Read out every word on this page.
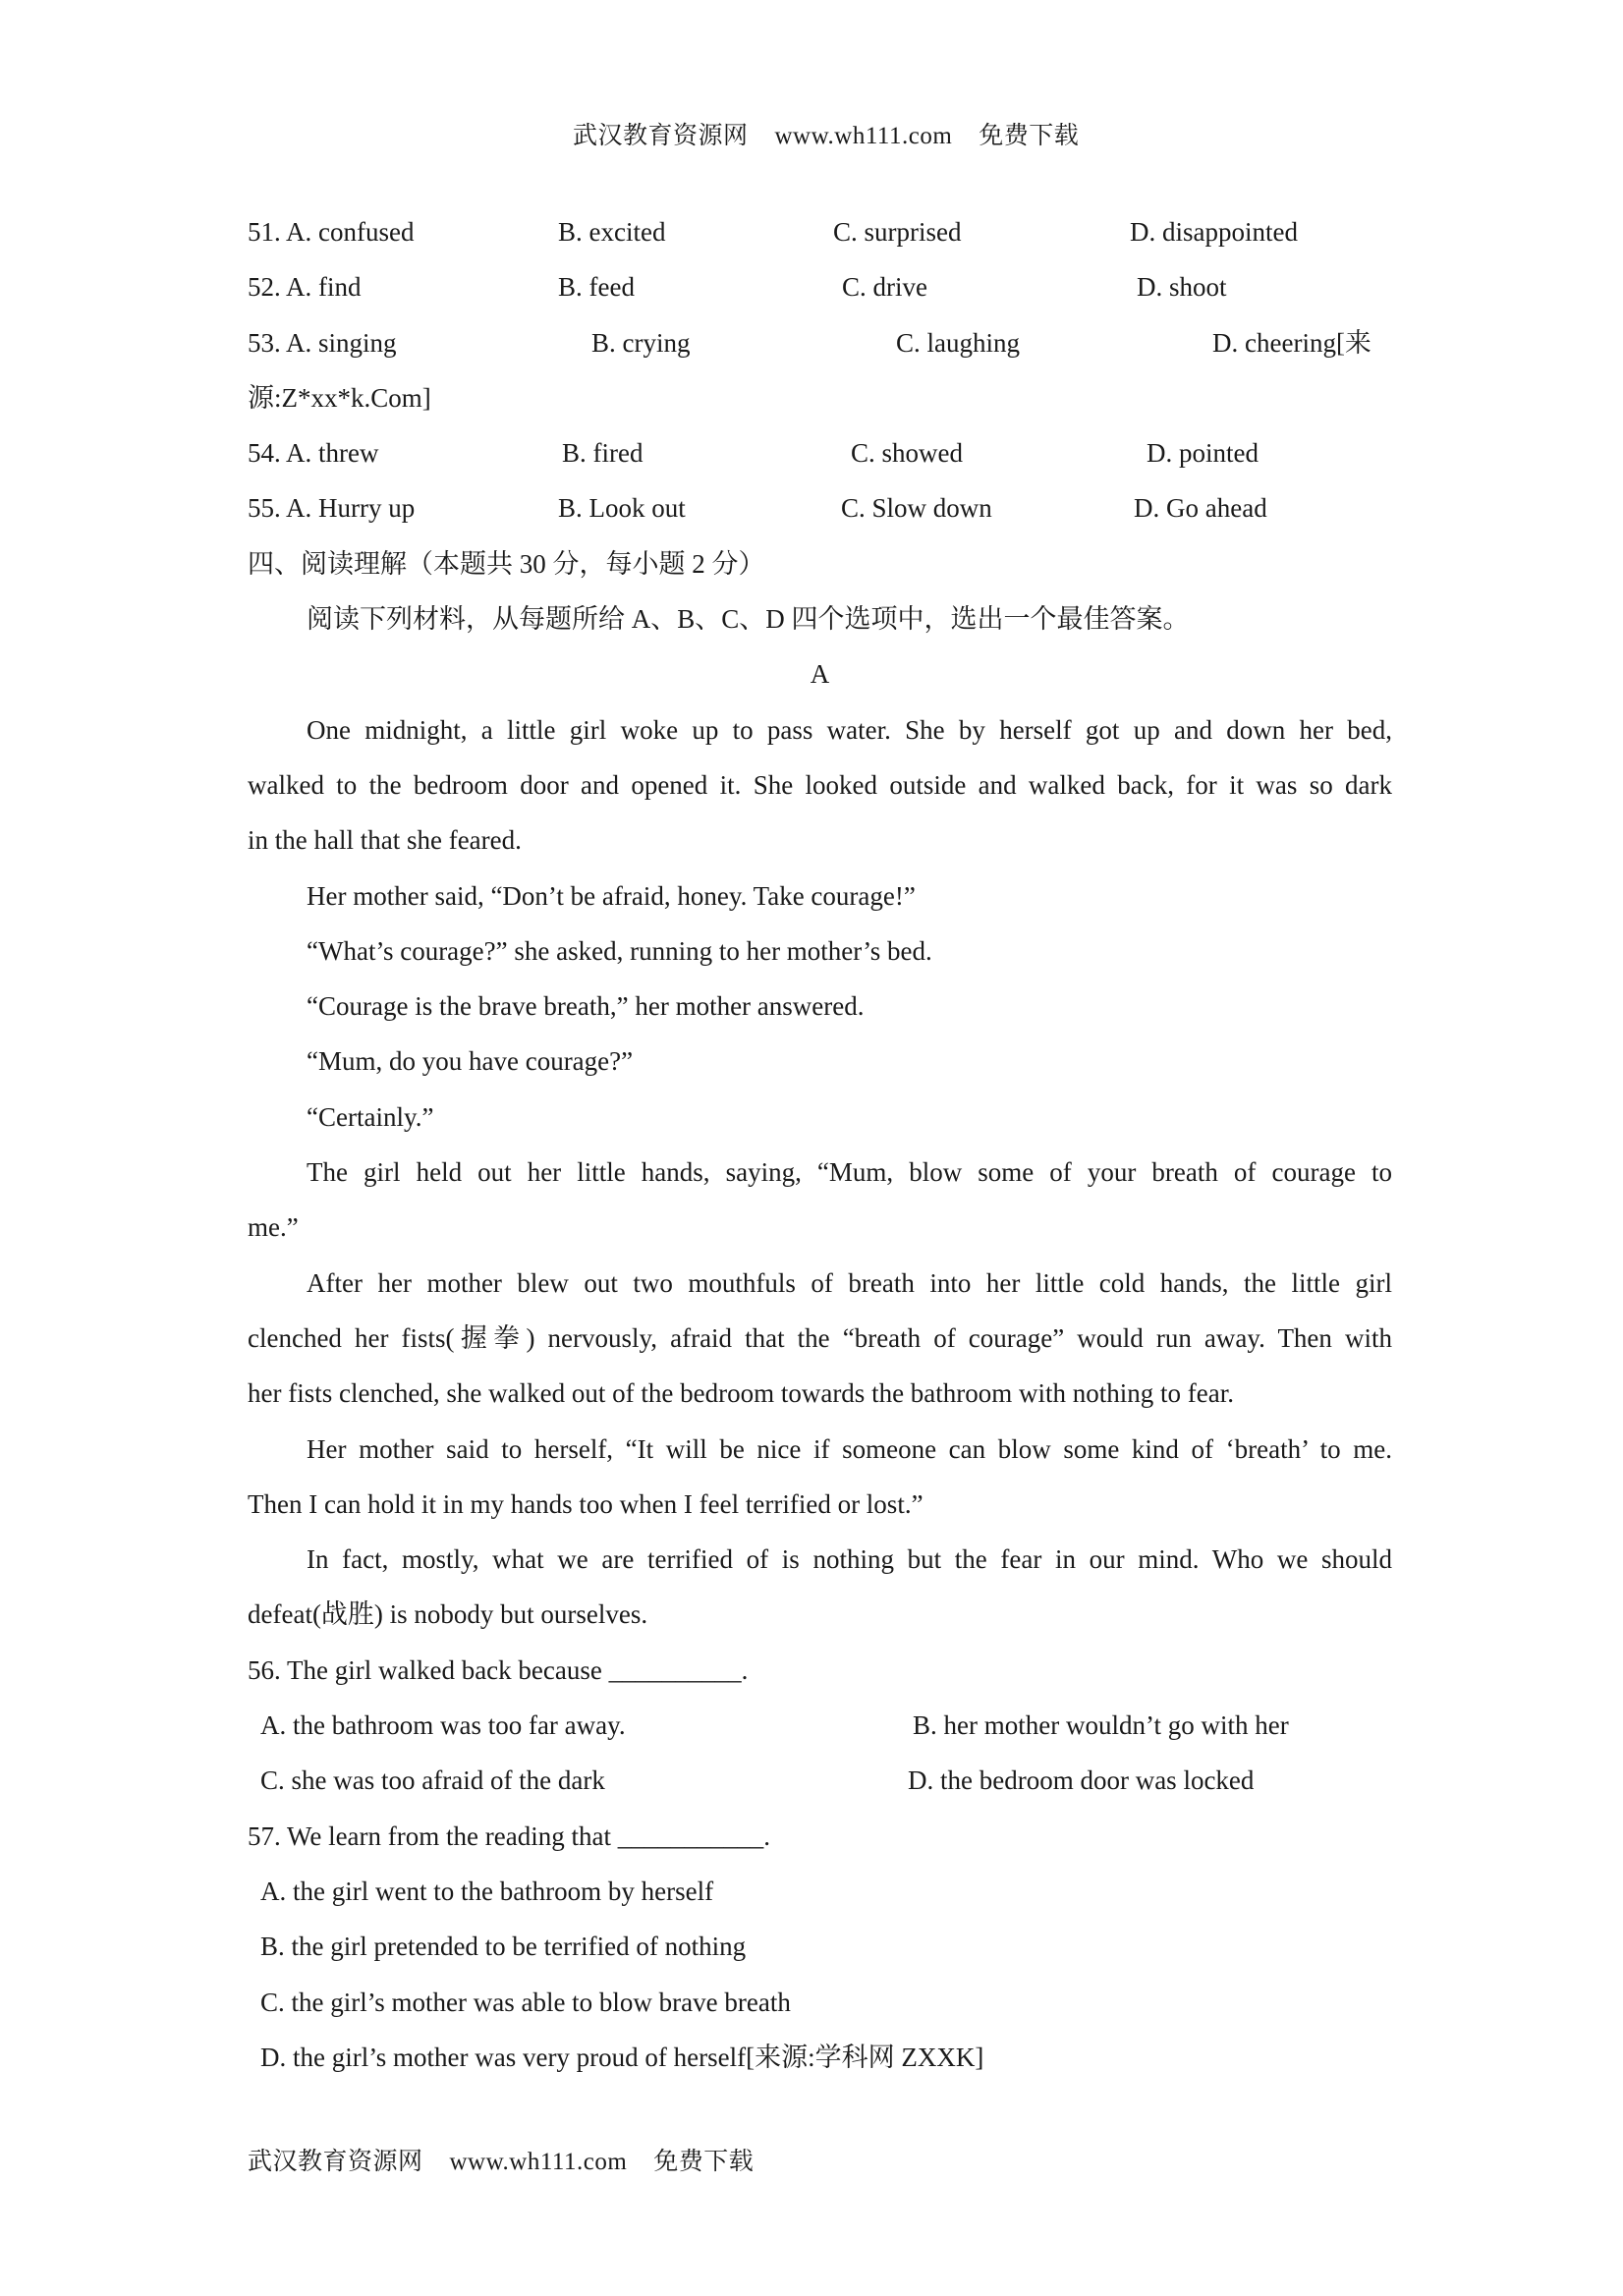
武汉教育资源网    www.wh111.com    免费下载
51. A. confused	B. excited	C. surprised	D. disappointed
52. A. find	B. feed	C. drive	D. shoot
53. A. singing	B. crying	C. laughing	D. cheering[来
源:Z*xx*k.Com]
54. A. threw	B. fired	C. showed	D. pointed
55. A. Hurry up	B. Look out	C. Slow down	D. Go ahead
四、阅读理解（本题共 30 分，每小题 2 分）
阅读下列材料，从每题所给 A、B、C、D 四个选项中，选出一个最佳答案。
A
One midnight, a little girl woke up to pass water. She by herself got up and down her bed,
walked to the bedroom door and opened it. She looked outside and walked back, for it was so dark
in the hall that she feared.
Her mother said, “Don’t be afraid, honey. Take courage!”
“What’s courage?” she asked, running to her mother’s bed.
“Courage is the brave breath,” her mother answered.
“Mum, do you have courage?”
“Certainly.”
The girl held out her little hands, saying, “Mum, blow some of your breath of courage to
me.”
After her mother blew out two mouthfuls of breath into her little cold hands, the little girl
clenched her fists(握拳) nervously, afraid that the “breath of courage” would run away. Then with
her fists clenched, she walked out of the bedroom towards the bathroom with nothing to fear.
Her mother said to herself, “It will be nice if someone can blow some kind of ‘breath’ to me.
Then I can hold it in my hands too when I feel terrified or lost.”
In fact, mostly, what we are terrified of is nothing but the fear in our mind. Who we should
defeat(战胜) is nobody but ourselves.
56. The girl walked back because __________.
A. the bathroom was too far away.	B. her mother wouldn’t go with her
C. she was too afraid of the dark	D. the bedroom door was locked
57. We learn from the reading that ___________.
A. the girl went to the bathroom by herself
B. the girl pretended to be terrified of nothing
C. the girl’s mother was able to blow brave breath
D. the girl’s mother was very proud of herself[来源:学科网 ZXXK]
武汉教育资源网    www.wh111.com    免费下载
